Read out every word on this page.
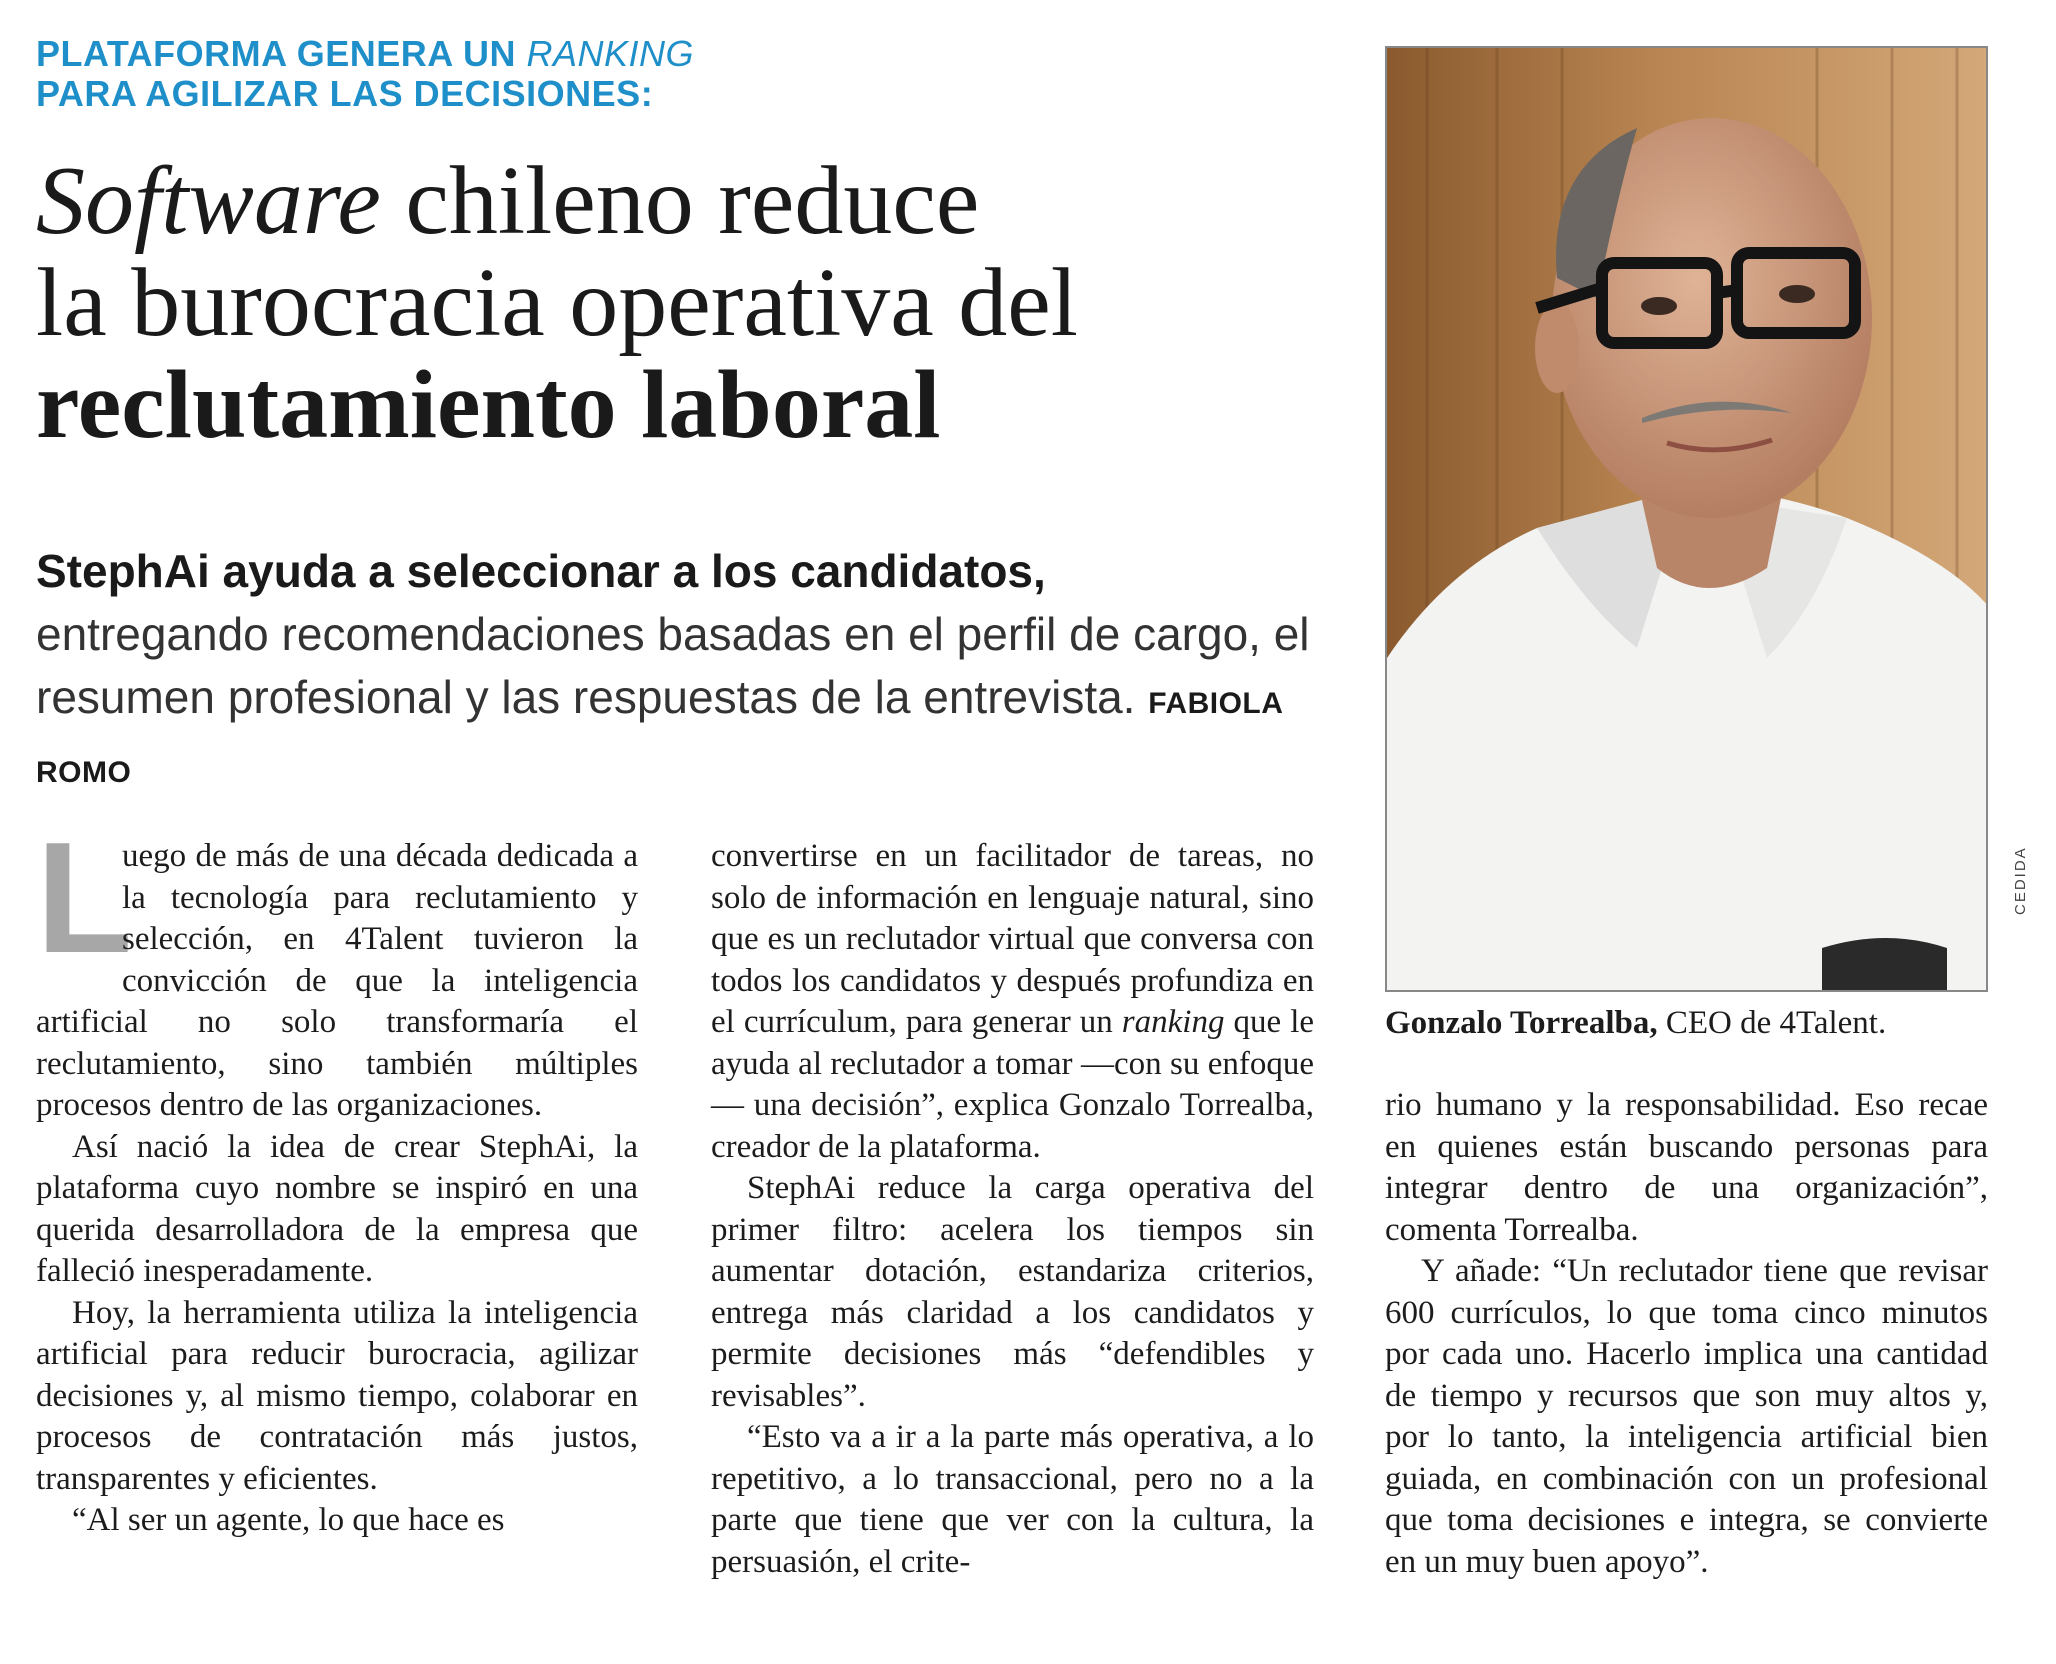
PLATAFORMA GENERA UN RANKING
PARA AGILIZAR LAS DECISIONES:
Software chileno reduce
la burocracia operativa del
reclutamiento laboral
StephAi ayuda a seleccionar a los candidatos,
entregando recomendaciones basadas en el perfil de cargo, el resumen profesional y las respuestas de la entrevista. FABIOLA ROMO

L
uego de más de una década dedicada a la tecnología para reclutamiento y selección, en 4Talent tuvieron la convicción de que la inteligencia artificial no solo transformaría el reclutamiento, sino también múltiples procesos dentro de las organizaciones.

Así nació la idea de crear StephAi, la plataforma cuyo nombre se inspiró en una querida desarrolladora de la empresa que falleció inesperadamente.

Hoy, la herramienta utiliza la inteligencia artificial para reducir burocracia, agilizar decisiones y, al mismo tiempo, colaborar en procesos de contratación más justos, transparentes y eficientes.

“Al ser un agente, lo que hace es

convertirse en un facilitador de tareas, no solo de información en lenguaje natural, sino que es un reclutador virtual que conversa con todos los candidatos y después profundiza en el currículum, para generar un ranking que le ayuda al reclutador a tomar —con su enfoque— una decisión”, explica Gonzalo Torrealba, creador de la plataforma.

StephAi reduce la carga operativa del primer filtro: acelera los tiempos sin aumentar dotación, estandariza criterios, entrega más claridad a los candidatos y permite decisiones más “defendibles y revisables”.

“Esto va a ir a la parte más operativa, a lo repetitivo, a lo transaccional, pero no a la parte que tiene que ver con la cultura, la persuasión, el crite-

rio humano y la responsabilidad. Eso recae en quienes están buscando personas para integrar dentro de una organización”, comenta Torrealba.

Y añade: “Un reclutador tiene que revisar 600 currículos, lo que toma cinco minutos por cada uno. Hacerlo implica una cantidad de tiempo y recursos que son muy altos y, por lo tanto, la inteligencia artificial bien guiada, en combinación con un profesional que toma decisiones e integra, se convierte en un muy buen apoyo”.

CEDIDA
Gonzalo Torrealba, CEO de 4Talent.
